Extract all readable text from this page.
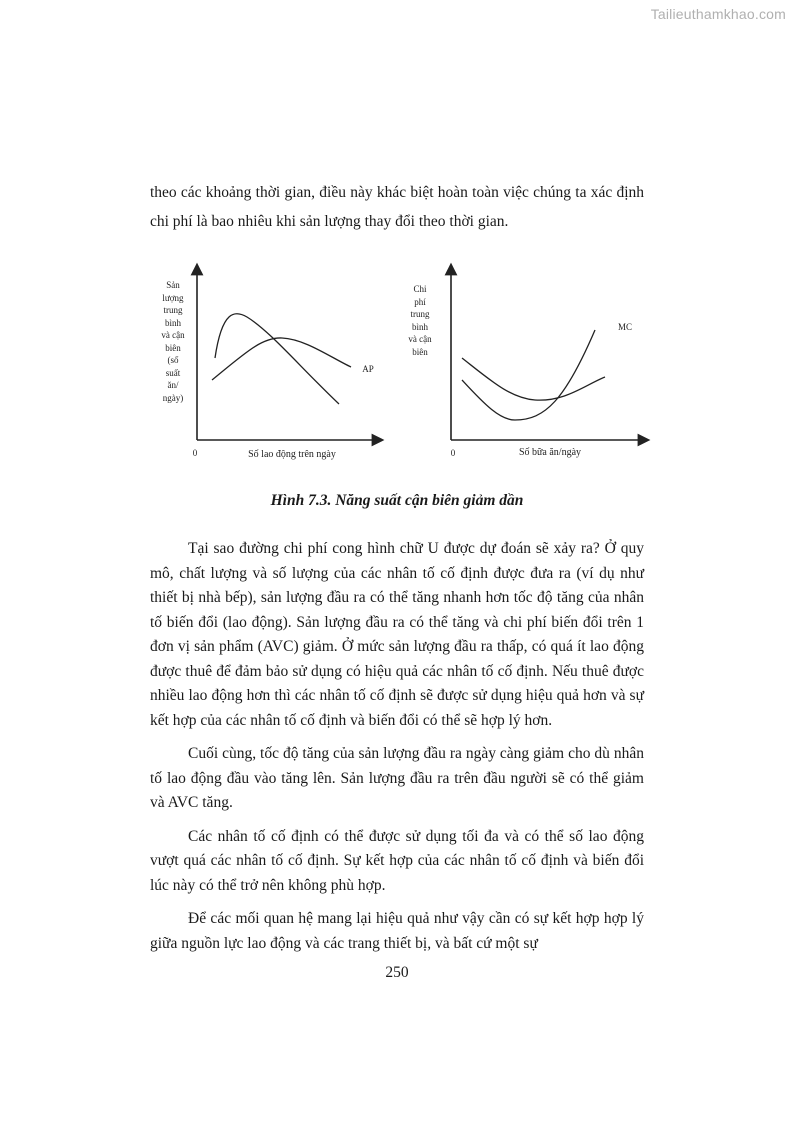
Tailieuthamkhao.com

theo các khoảng thời gian, điều này khác biệt hoàn toàn việc chúng ta xác định chi phí là bao nhiêu khi sản lượng thay đổi theo thời gian.

Sản
lượng
trung
bình
và cận
biên
(số
suất
ăn/
ngày)
0	Số lao động trên ngày
AP
Chi
phí
trung
bình
và cận
biên
0	Số bữa ăn/ngày
MC
Hình 7.3. Năng suất cận biên giảm dần

Tại sao đường chi phí cong hình chữ U được dự đoán sẽ xảy ra? Ở quy mô, chất lượng và số lượng của các nhân tố cố định được đưa ra (ví dụ như thiết bị nhà bếp), sản lượng đầu ra có thể tăng nhanh hơn tốc độ tăng của nhân tố biến đổi (lao động). Sản lượng đầu ra có thể tăng và chi phí biến đổi trên 1 đơn vị sản phẩm (AVC) giảm. Ở mức sản lượng đầu ra thấp, có quá ít lao động được thuê để đảm bảo sử dụng có hiệu quả các nhân tố cố định. Nếu thuê được nhiều lao động hơn thì các nhân tố cố định sẽ được sử dụng hiệu quả hơn và sự kết hợp của các nhân tố cố định và biến đổi có thể sẽ hợp lý hơn.

Cuối cùng, tốc độ tăng của sản lượng đầu ra ngày càng giảm cho dù nhân tố lao động đầu vào tăng lên. Sản lượng đầu ra trên đầu người sẽ có thể giảm và AVC tăng.

Các nhân tố cố định có thể được sử dụng tối đa và có thể số lao động vượt quá các nhân tố cố định. Sự kết hợp của các nhân tố cố định và biến đổi lúc này có thể trở nên không phù hợp.

Để các mối quan hệ mang lại hiệu quả như vậy cần có sự kết hợp hợp lý giữa nguồn lực lao động và các trang thiết bị, và bất cứ một sự

250
